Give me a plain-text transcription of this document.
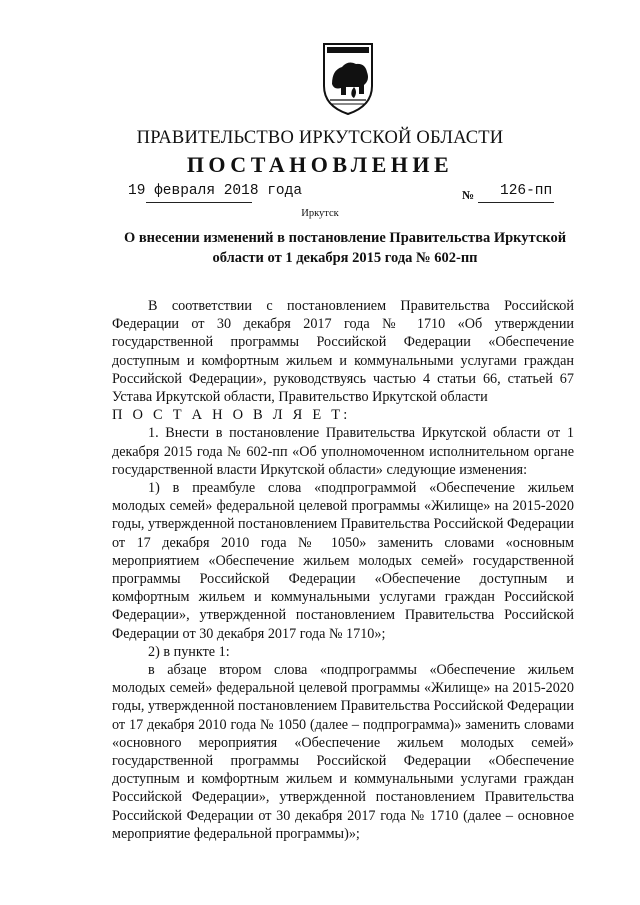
ПРАВИТЕЛЬСТВО ИРКУТСКОЙ ОБЛАСТИ
ПОСТАНОВЛЕНИЕ
19 февраля 2018 года	№ 126-пп
Иркутск
О внесении изменений в постановление Правительства Иркутской области от 1 декабря 2015 года № 602-пп

В соответствии с постановлением Правительства Российской Федерации от 30 декабря 2017 года № 1710 «Об утверждении государственной программы Российской Федерации «Обеспечение доступным и комфортным жильем и коммунальными услугами граждан Российской Федерации», руководствуясь частью 4 статьи 66, статьей 67 Устава Иркутской области, Правительство Иркутской области

П О С Т А Н О В Л Я Е Т:

1. Внести в постановление Правительства Иркутской области от 1 декабря 2015 года № 602-пп «Об уполномоченном исполнительном органе государственной власти Иркутской области» следующие изменения:

1) в преамбуле слова «подпрограммой «Обеспечение жильем молодых семей» федеральной целевой программы «Жилище» на 2015-2020 годы, утвержденной постановлением Правительства Российской Федерации от 17 декабря 2010 года № 1050» заменить словами «основным мероприятием «Обеспечение жильем молодых семей» государственной программы Российской Федерации «Обеспечение доступным и комфортным жильем и коммунальными услугами граждан Российской Федерации», утвержденной постановлением Правительства Российской Федерации от 30 декабря 2017 года № 1710»;

2) в пункте 1:

в абзаце втором слова «подпрограммы «Обеспечение жильем молодых семей» федеральной целевой программы «Жилище» на 2015-2020 годы, утвержденной постановлением Правительства Российской Федерации от 17 декабря 2010 года № 1050 (далее – подпрограмма)» заменить словами «основного мероприятия «Обеспечение жильем молодых семей» государственной программы Российской Федерации «Обеспечение доступным и комфортным жильем и коммунальными услугами граждан Российской Федерации», утвержденной постановлением Правительства Российской Федерации от 30 декабря 2017 года № 1710 (далее – основное мероприятие федеральной программы)»;
